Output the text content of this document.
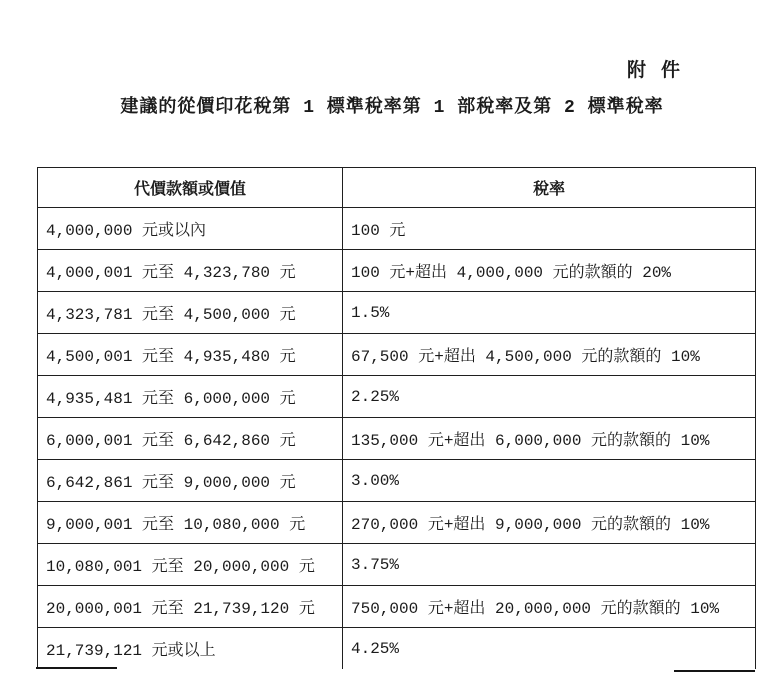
附件
建議的從價印花稅第 1 標準稅率第 1 部稅率及第 2 標準稅率
代價款額或價值	稅率
4,000,000 元或以內	100 元
4,000,001 元至 4,323,780 元	100 元+超出 4,000,000 元的款額的 20%
4,323,781 元至 4,500,000 元	1.5%
4,500,001 元至 4,935,480 元	67,500 元+超出 4,500,000 元的款額的 10%
4,935,481 元至 6,000,000 元	2.25%
6,000,001 元至 6,642,860 元	135,000 元+超出 6,000,000 元的款額的 10%
6,642,861 元至 9,000,000 元	3.00%
9,000,001 元至 10,080,000 元	270,000 元+超出 9,000,000 元的款額的 10%
10,080,001 元至 20,000,000 元	3.75%
20,000,001 元至 21,739,120 元	750,000 元+超出 20,000,000 元的款額的 10%
21,739,121 元或以上	4.25%
